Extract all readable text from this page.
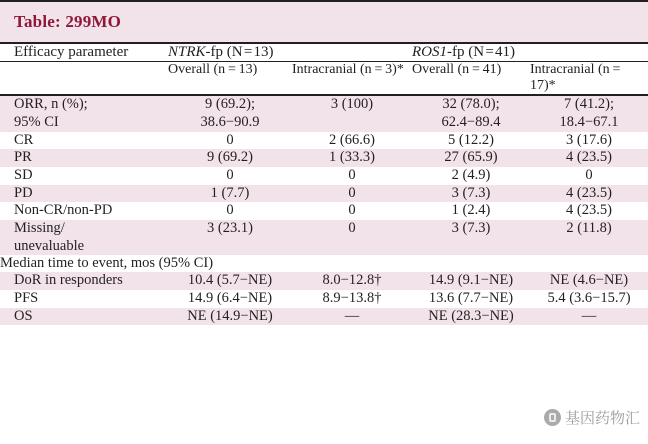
Table: 299MO
Efficacy parameter	NTRK-fp (N = 13)		ROS1-fp (N = 41)	
	Overall (n = 13)	Intracranial (n = 3)*	Overall (n = 41)	Intracranial (n = 17)*
ORR, n (%);	9 (69.2);	3 (100)	32 (78.0);	7 (41.2);
95% CI	38.6−90.9		62.4−89.4	18.4−67.1
CR	0	2 (66.6)	5 (12.2)	3 (17.6)
PR	9 (69.2)	1 (33.3)	27 (65.9)	4 (23.5)
SD	0	0	2 (4.9)	0
PD	1 (7.7)	0	3 (7.3)	4 (23.5)
Non-CR/non-PD	0	0	1 (2.4)	4 (23.5)
Missing/	3 (23.1)	0	3 (7.3)	2 (11.8)
unevaluable				
Median time to event, mos (95% CI)				
DoR in responders	10.4 (5.7−NE)	8.0−12.8†	14.9 (9.1−NE)	NE (4.6−NE)
PFS	14.9 (6.4−NE)	8.9−13.8†	13.6 (7.7−NE)	5.4 (3.6−15.7)
OS	NE (14.9−NE)	—	NE (28.3−NE)	—
基因药物汇
